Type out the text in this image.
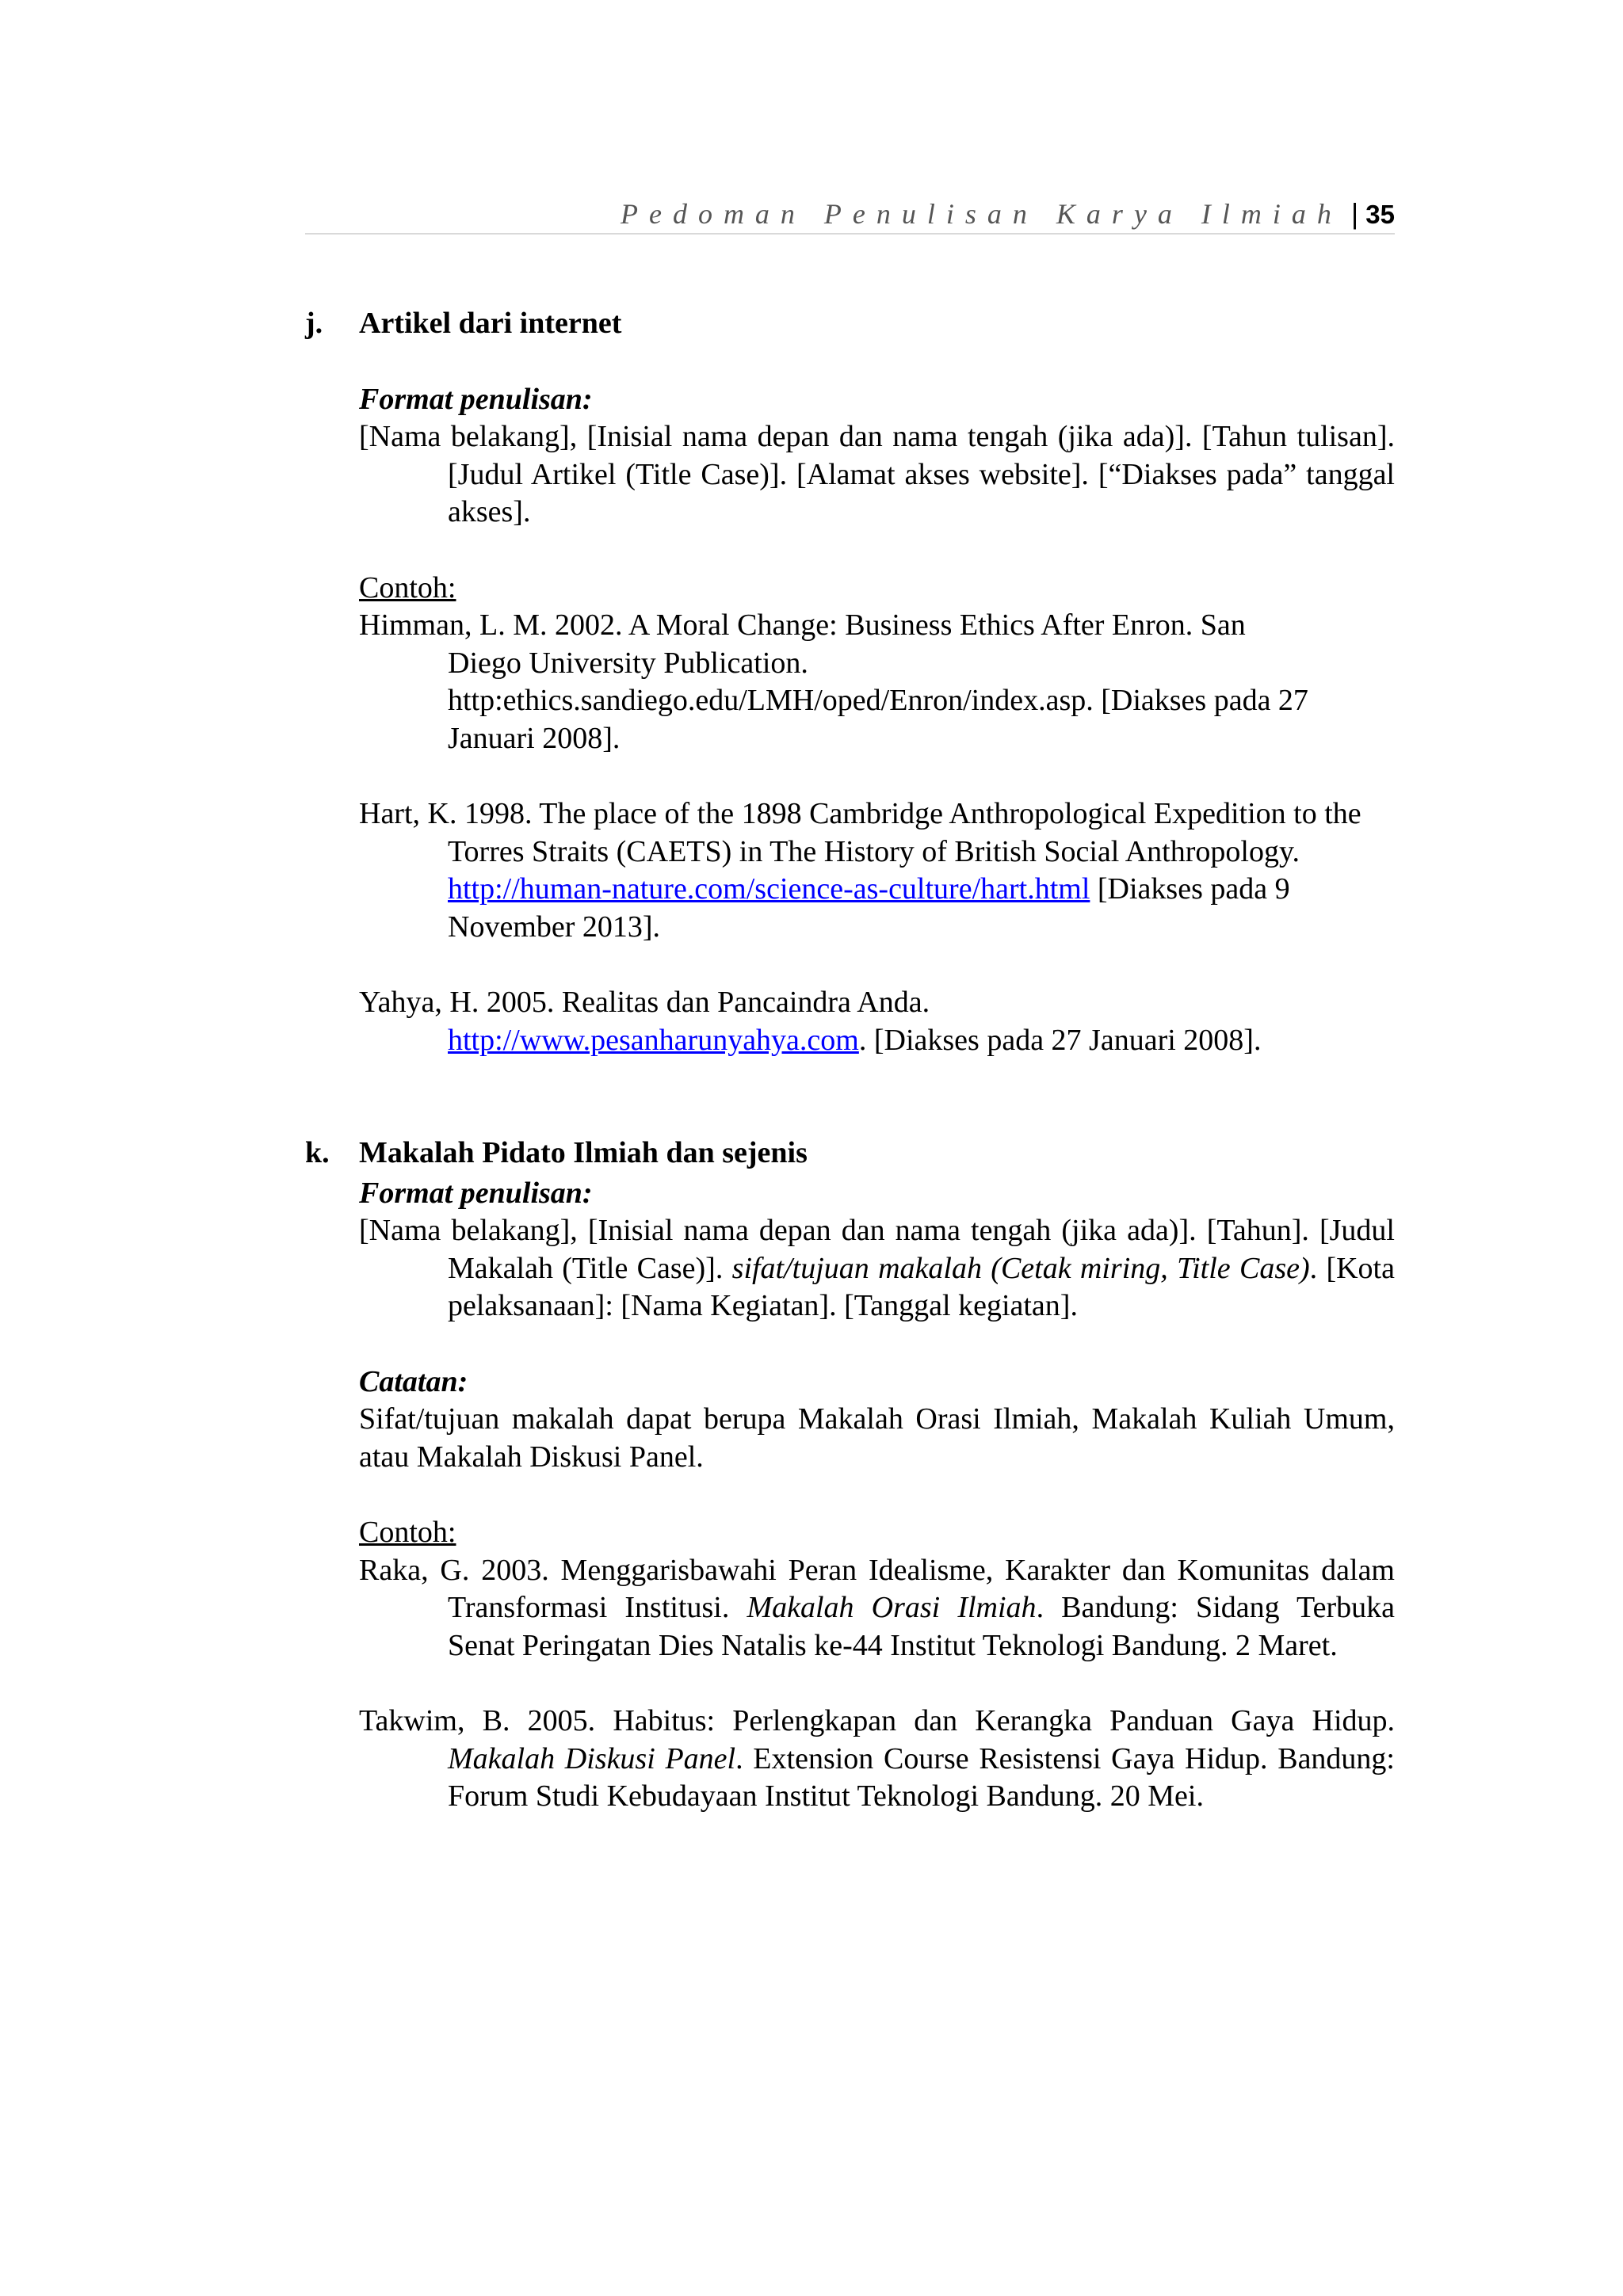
Pedoman Penulisan Karya Ilmiah | 35
j. Artikel dari internet
Format penulisan:
[Nama belakang], [Inisial nama depan dan nama tengah (jika ada)]. [Tahun tulisan]. [Judul Artikel (Title Case)]. [Alamat akses website]. [“Diakses pada” tanggal akses].
Contoh:
Himman, L. M. 2002. A Moral Change: Business Ethics After Enron. San
Diego University Publication.
http:ethics.sandiego.edu/LMH/oped/Enron/index.asp. [Diakses pada 27 Januari 2008].
Hart, K. 1998. The place of the 1898 Cambridge Anthropological Expedition to the Torres Straits (CAETS) in The History of British Social Anthropology. http://human-nature.com/science-as-culture/hart.html [Diakses pada 9 November 2013].
Yahya, H. 2005. Realitas dan Pancaindra Anda.
http://www.pesanharunyahya.com. [Diakses pada 27 Januari 2008].
k. Makalah Pidato Ilmiah dan sejenis
Format penulisan:
[Nama belakang], [Inisial nama depan dan nama tengah (jika ada)]. [Tahun]. [Judul Makalah (Title Case)]. sifat/tujuan makalah (Cetak miring, Title Case). [Kota pelaksanaan]: [Nama Kegiatan]. [Tanggal kegiatan].
Catatan:
Sifat/tujuan makalah dapat berupa Makalah Orasi Ilmiah, Makalah Kuliah Umum, atau Makalah Diskusi Panel.
Contoh:
Raka, G. 2003. Menggarisbawahi Peran Idealisme, Karakter dan Komunitas dalam Transformasi Institusi. Makalah Orasi Ilmiah. Bandung: Sidang Terbuka Senat Peringatan Dies Natalis ke-44 Institut Teknologi Bandung. 2 Maret.
Takwim, B. 2005. Habitus: Perlengkapan dan Kerangka Panduan Gaya Hidup. Makalah Diskusi Panel. Extension Course Resistensi Gaya Hidup. Bandung: Forum Studi Kebudayaan Institut Teknologi Bandung. 20 Mei.
